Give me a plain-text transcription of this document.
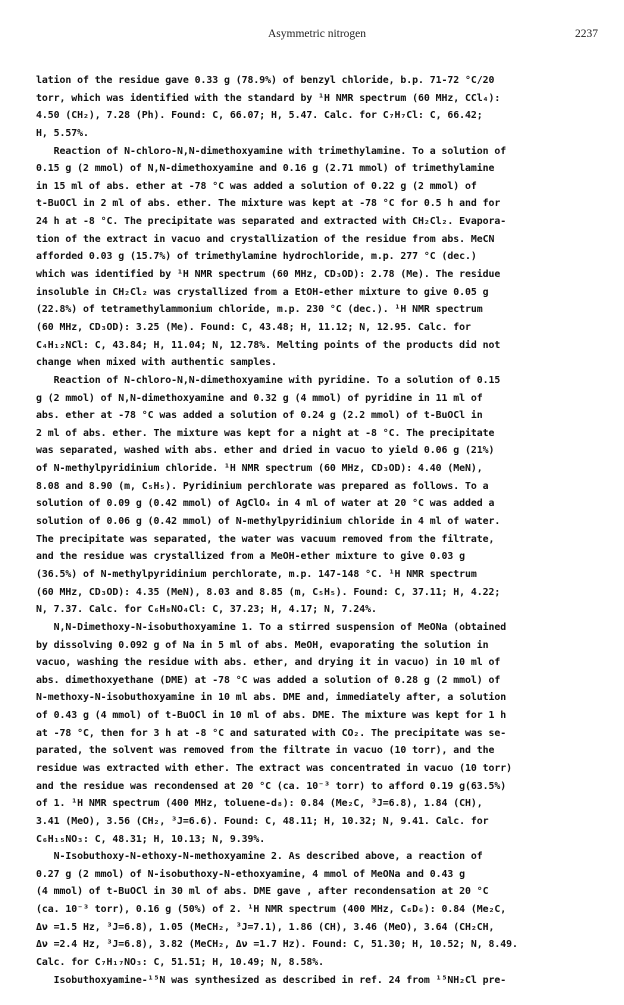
Asymmetric nitrogen	2237
lation of the residue gave 0.33 g (78.9%) of benzyl chloride, b.p. 71-72 °C/20
torr, which was identified with the standard by ¹H NMR spectrum (60 MHz, CCl₄):
4.50 (CH₂), 7.28 (Ph). Found: C, 66.07; H, 5.47. Calc. for C₇H₇Cl: C, 66.42;
H, 5.57%.
Reaction of N-chloro-N,N-dimethoxyamine with trimethylamine. To a solution of
0.15 g (2 mmol) of N,N-dimethoxyamine and 0.16 g (2.71 mmol) of trimethylamine
in 15 ml of abs. ether at -78 °C was added a solution of 0.22 g (2 mmol) of
t-BuOCl in 2 ml of abs. ether. The mixture was kept at -78 °C for 0.5 h and for
24 h at -8 °C. The precipitate was separated and extracted with CH₂Cl₂. Evapora-
tion of the extract in vacuo and crystallization of the residue from abs. MeCN
afforded 0.03 g (15.7%) of trimethylamine hydrochloride, m.p. 277 °C (dec.)
which was identified by ¹H NMR spectrum (60 MHz, CD₃OD): 2.78 (Me). The residue
insoluble in CH₂Cl₂ was crystallized from a EtOH-ether mixture to give 0.05 g
(22.8%) of tetramethylammonium chloride, m.p. 230 °C (dec.). ¹H NMR spectrum
(60 MHz, CD₃OD): 3.25 (Me). Found: C, 43.48; H, 11.12; N, 12.95. Calc. for
C₄H₁₂NCl: C, 43.84; H, 11.04; N, 12.78%. Melting points of the products did not
change when mixed with authentic samples.
Reaction of N-chloro-N,N-dimethoxyamine with pyridine. To a solution of 0.15
g (2 mmol) of N,N-dimethoxyamine and 0.32 g (4 mmol) of pyridine in 11 ml of
abs. ether at -78 °C was added a solution of 0.24 g (2.2 mmol) of t-BuOCl in
2 ml of abs. ether. The mixture was kept for a night at -8 °C. The precipitate
was separated, washed with abs. ether and dried in vacuo to yield 0.06 g (21%)
of N-methylpyridinium chloride. ¹H NMR spectrum (60 MHz, CD₃OD): 4.40 (MeN),
8.08 and 8.90 (m, C₅H₅). Pyridinium perchlorate was prepared as follows. To a
solution of 0.09 g (0.42 mmol) of AgClO₄ in 4 ml of water at 20 °C was added a
solution of 0.06 g (0.42 mmol) of N-methylpyridinium chloride in 4 ml of water.
The precipitate was separated, the water was vacuum removed from the filtrate,
and the residue was crystallized from a MeOH-ether mixture to give 0.03 g
(36.5%) of N-methylpyridinium perchlorate, m.p. 147-148 °C. ¹H NMR spectrum
(60 MHz, CD₃OD): 4.35 (MeN), 8.03 and 8.85 (m, C₅H₅). Found: C, 37.11; H, 4.22;
N, 7.37. Calc. for C₆H₈NO₄Cl: C, 37.23; H, 4.17; N, 7.24%.
N,N-Dimethoxy-N-isobuthoxyamine 1. To a stirred suspension of MeONa (obtained
by dissolving 0.092 g of Na in 5 ml of abs. MeOH, evaporating the solution in
vacuo, washing the residue with abs. ether, and drying it in vacuo) in 10 ml of
abs. dimethoxyethane (DME) at -78 °C was added a solution of 0.28 g (2 mmol) of
N-methoxy-N-isobuthoxyamine in 10 ml abs. DME and, immediately after, a solution
of 0.43 g (4 mmol) of t-BuOCl in 10 ml of abs. DME. The mixture was kept for 1 h
at -78 °C, then for 3 h at -8 °C and saturated with CO₂. The precipitate was se-
parated, the solvent was removed from the filtrate in vacuo (10 torr), and the
residue was extracted with ether. The extract was concentrated in vacuo (10 torr)
and the residue was recondensed at 20 °C (ca. 10⁻³ torr) to afford 0.19 g(63.5%)
of 1. ¹H NMR spectrum (400 MHz, toluene-d₈): 0.84 (Me₂C, ³J=6.8), 1.84 (CH),
3.41 (MeO), 3.56 (CH₂, ³J=6.6). Found: C, 48.11; H, 10.32; N, 9.41. Calc. for
C₆H₁₅NO₃: C, 48.31; H, 10.13; N, 9.39%.
N-Isobuthoxy-N-ethoxy-N-methoxyamine 2. As described above, a reaction of
0.27 g (2 mmol) of N-isobuthoxy-N-ethoxyamine, 4 mmol of MeONa and 0.43 g
(4 mmol) of t-BuOCl in 30 ml of abs. DME gave , after recondensation at 20 °C
(ca. 10⁻³ torr), 0.16 g (50%) of 2. ¹H NMR spectrum (400 MHz, C₆D₆): 0.84 (Me₂C,
Δν =1.5 Hz, ³J=6.8), 1.05 (MeCH₂, ³J=7.1), 1.86 (CH), 3.46 (MeO), 3.64 (CH₂CH,
Δν =2.4 Hz, ³J=6.8), 3.82 (MeCH₂, Δν =1.7 Hz). Found: C, 51.30; H, 10.52; N, 8.49.
Calc. for C₇H₁₇NO₃: C, 51.51; H, 10.49; N, 8.58%.
Isobuthoxyamine-¹⁵N was synthesized as described in ref. 24 from ¹⁵NH₂Cl pre-
